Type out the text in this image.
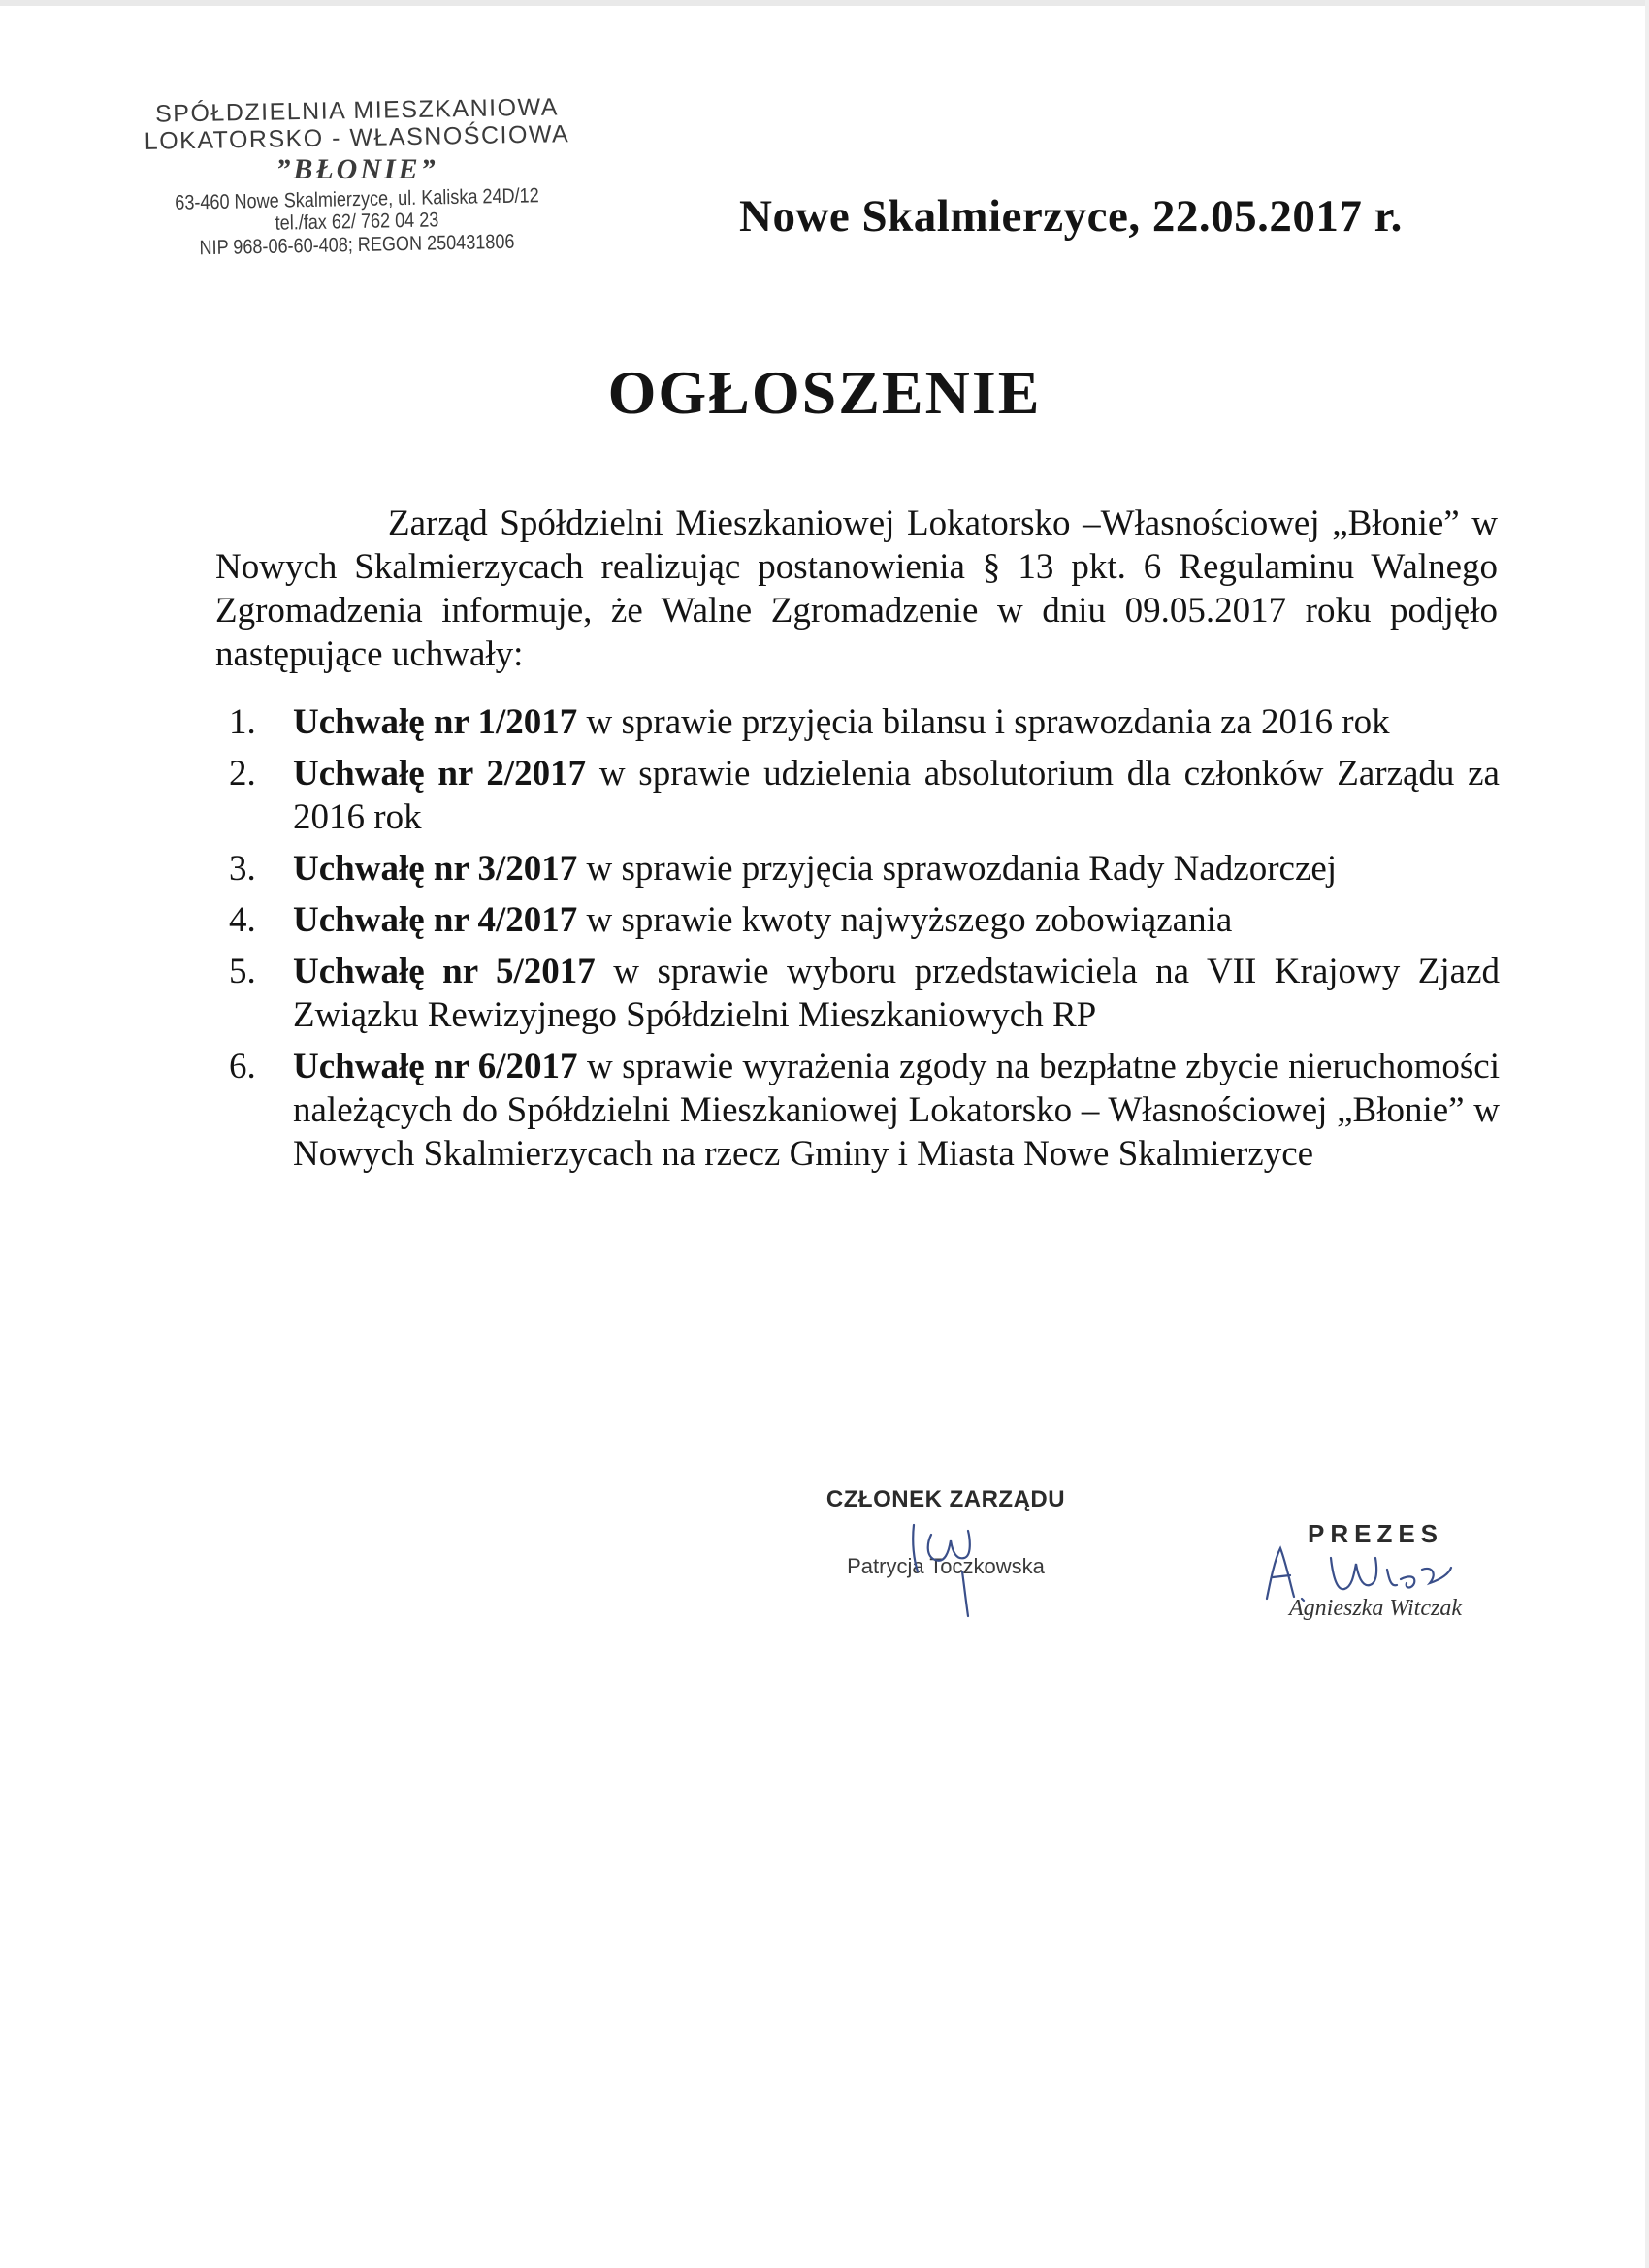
SPÓŁDZIELNIA MIESZKANIOWA
LOKATORSKO - WŁASNOŚCIOWA
”BŁONIE”
63-460 Nowe Skalmierzyce, ul. Kaliska 24D/12
tel./fax 62/ 762 04 23
NIP 968-06-60-408; REGON 250431806
Nowe Skalmierzyce, 22.05.2017 r.
OGŁOSZENIE

Zarząd Spółdzielni Mieszkaniowej Lokatorsko –Własnościowej „Błonie” w Nowych Skalmierzycach realizując postanowienia § 13 pkt. 6 Regulaminu Walnego Zgromadzenia informuje, że Walne Zgromadzenie w dniu 09.05.2017 roku podjęło następujące uchwały:

1. Uchwałę nr 1/2017 w sprawie przyjęcia bilansu i sprawozdania za 2016 rok
2. Uchwałę nr 2/2017 w sprawie udzielenia absolutorium dla członków Zarządu za 2016 rok
3. Uchwałę nr 3/2017 w sprawie przyjęcia sprawozdania Rady Nadzorczej
4. Uchwałę nr 4/2017 w sprawie kwoty najwyższego zobowiązania
5. Uchwałę nr 5/2017 w sprawie wyboru przedstawiciela na VII Krajowy Zjazd Związku Rewizyjnego Spółdzielni Mieszkaniowych RP
6. Uchwałę nr 6/2017 w sprawie wyrażenia zgody na bezpłatne zbycie nieruchomości należących do Spółdzielni Mieszkaniowej Lokatorsko – Własnościowej „Błonie” w Nowych Skalmierzycach na rzecz Gminy i Miasta Nowe Skalmierzyce
CZŁONEK ZARZĄDU
Patrycja Toczkowska
PREZES
Agnieszka Witczak
